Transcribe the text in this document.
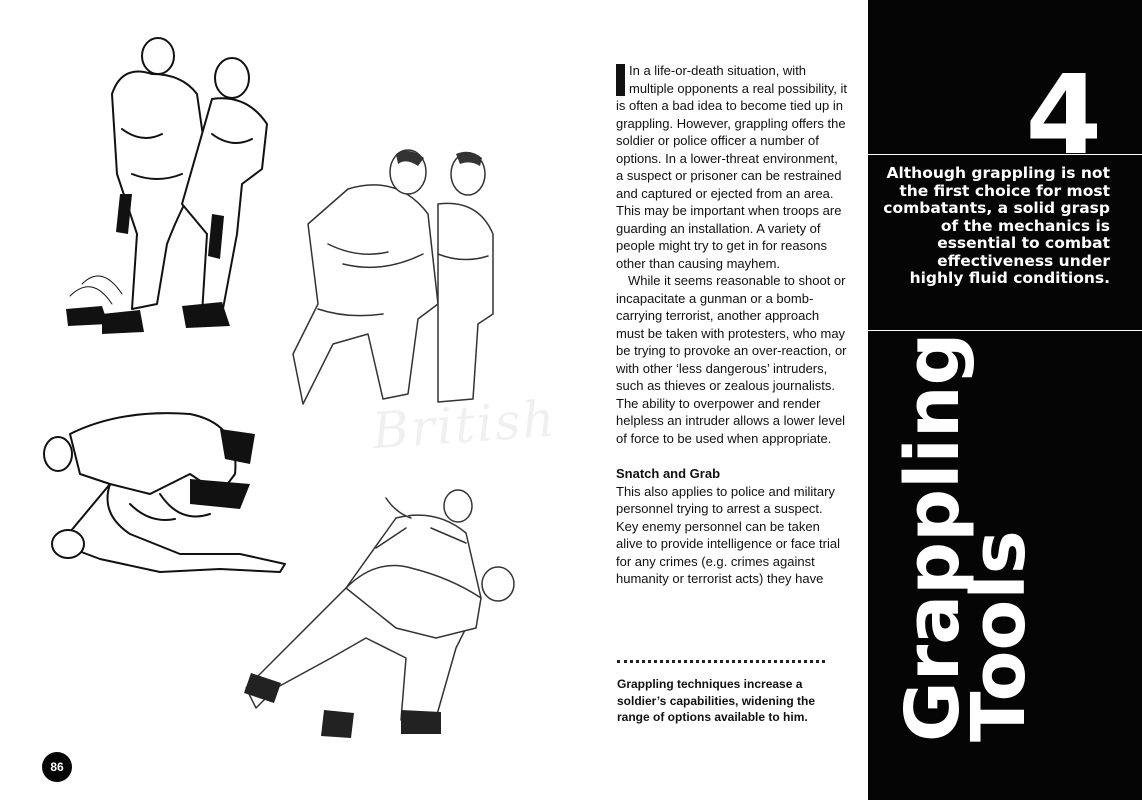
British

In a life-or-death situation, with multiple opponents a real possibility, it is often a bad idea to become tied up in grappling. However, grappling offers the soldier or police officer a number of options. In a lower-threat environment, a suspect or prisoner can be restrained and captured or ejected from an area. This may be important when troops are guarding an installation. A variety of people might try to get in for reasons other than causing mayhem.

While it seems reasonable to shoot or incapacitate a gunman or a bomb-carrying terrorist, another approach must be taken with protesters, who may be trying to provoke an over-reaction, or with other ‘less dangerous’ intruders, such as thieves or zealous journalists. The ability to overpower and render helpless an intruder allows a lower level of force to be used when appropriate.

Snatch and Grab

This also applies to police and military personnel trying to arrest a suspect. Key enemy personnel can be taken alive to provide intelligence or face trial for any crimes (e.g. crimes against humanity or terrorist acts) they have

Grappling techniques increase a soldier’s capabilities, widening the range of options available to him.
4
Although grappling is not the first choice for most combatants, a solid grasp of the mechanics is essential to combat effectiveness under highly fluid conditions.
Grappling
Tools
86
